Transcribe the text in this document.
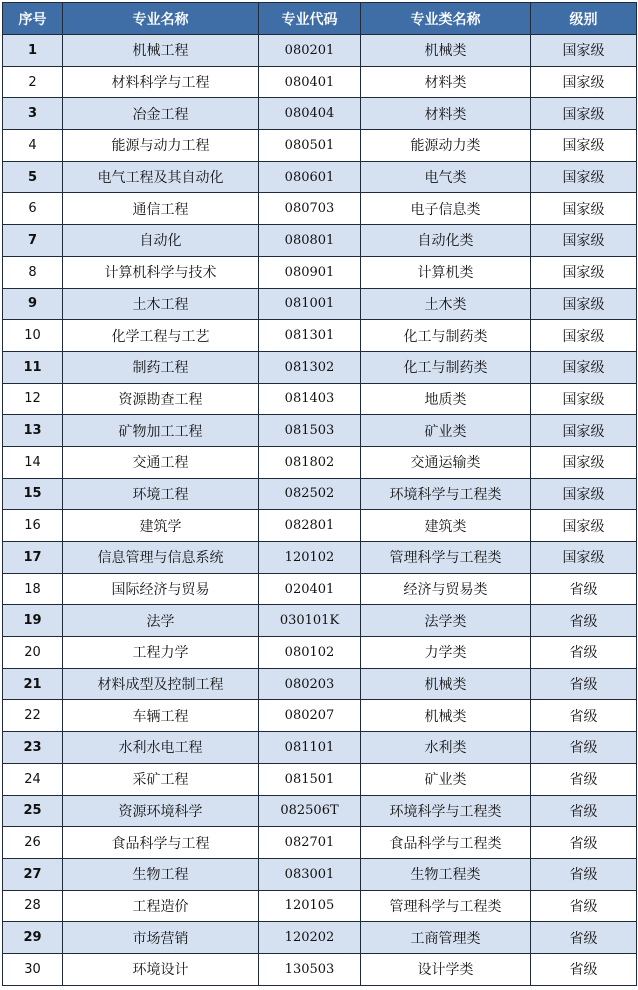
序号	专业名称	专业代码	专业类名称	级别
1	机械工程	080201	机械类	国家级
2	材料科学与工程	080401	材料类	国家级
3	冶金工程	080404	材料类	国家级
4	能源与动力工程	080501	能源动力类	国家级
5	电气工程及其自动化	080601	电气类	国家级
6	通信工程	080703	电子信息类	国家级
7	自动化	080801	自动化类	国家级
8	计算机科学与技术	080901	计算机类	国家级
9	土木工程	081001	土木类	国家级
10	化学工程与工艺	081301	化工与制药类	国家级
11	制药工程	081302	化工与制药类	国家级
12	资源勘查工程	081403	地质类	国家级
13	矿物加工工程	081503	矿业类	国家级
14	交通工程	081802	交通运输类	国家级
15	环境工程	082502	环境科学与工程类	国家级
16	建筑学	082801	建筑类	国家级
17	信息管理与信息系统	120102	管理科学与工程类	国家级
18	国际经济与贸易	020401	经济与贸易类	省级
19	法学	030101K	法学类	省级
20	工程力学	080102	力学类	省级
21	材料成型及控制工程	080203	机械类	省级
22	车辆工程	080207	机械类	省级
23	水利水电工程	081101	水利类	省级
24	采矿工程	081501	矿业类	省级
25	资源环境科学	082506T	环境科学与工程类	省级
26	食品科学与工程	082701	食品科学与工程类	省级
27	生物工程	083001	生物工程类	省级
28	工程造价	120105	管理科学与工程类	省级
29	市场营销	120202	工商管理类	省级
30	环境设计	130503	设计学类	省级
